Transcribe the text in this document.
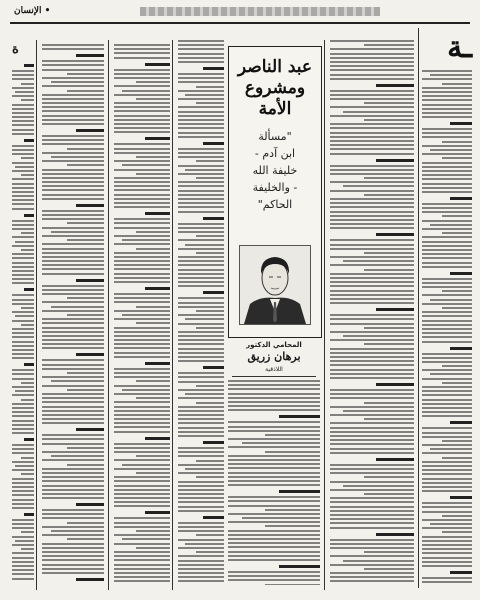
• الإنسان
ـة
ة
عبد الناصر
ومشروع
الأمة
"مسألة
ابن آدم -
خليفة الله
- والخليفة
الحاكم"
المحامي الدكتور
برهان زريق
اللاذقية
